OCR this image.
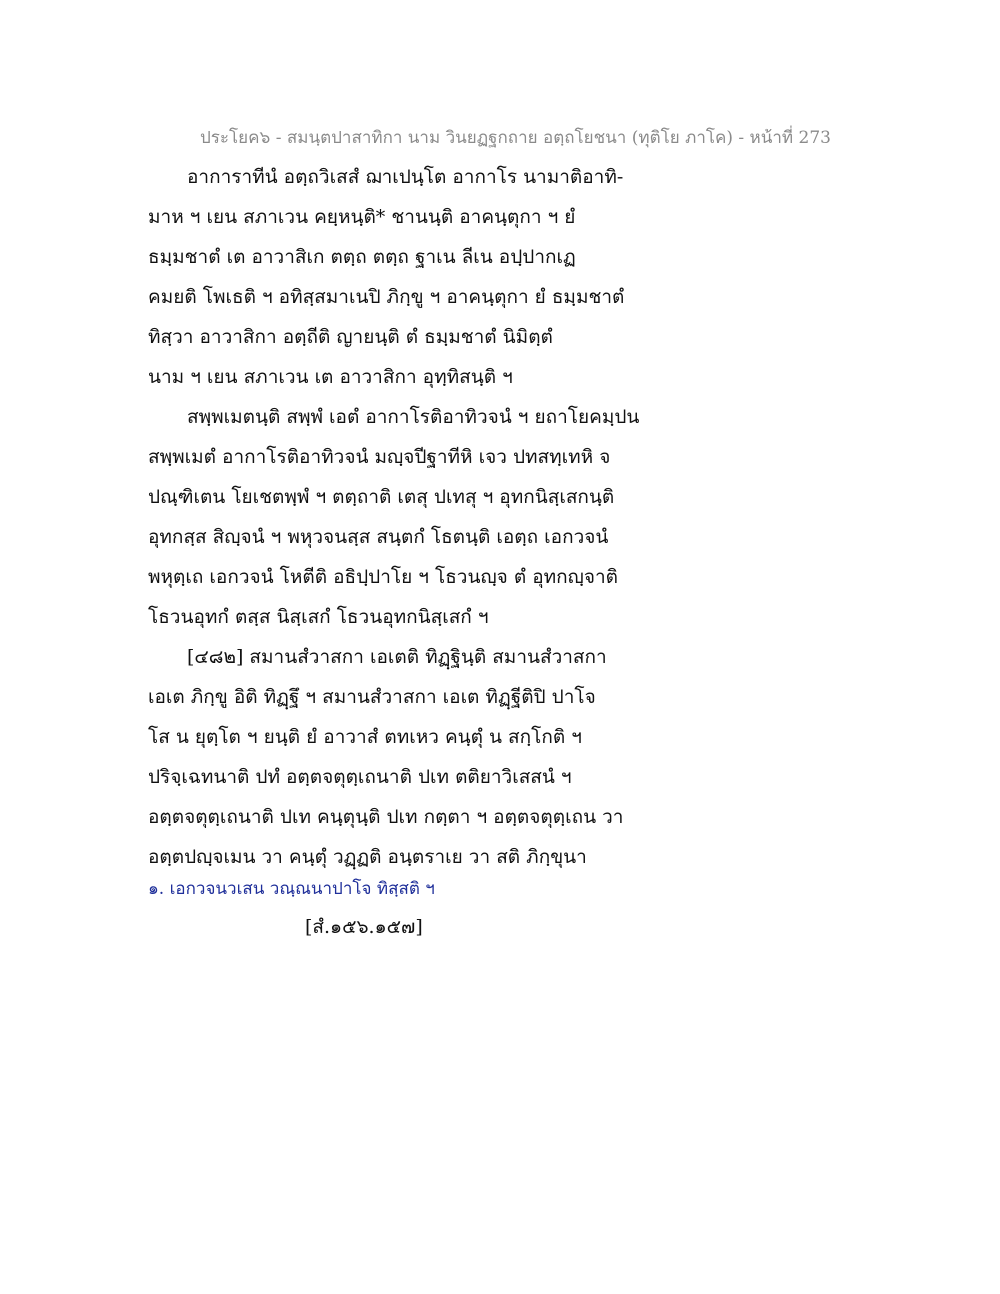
ประโยค๖ - สมนฺตปาสาทิกา นาม วินยฏฐกถาย อตฺถโยชนา (ทุติโย ภาโค) - หน้าที่ 273
อาการาทีนํ อตฺถวิเสสํ ฌาเปนฺโต อากาโร นามาติอาทิ-
มาห ฯ เยน สภาเวน คยฺหนฺติ* ชานนฺติ อาคนฺตุกา ฯ ยํ
ธมฺมชาตํ เต อาวาสิเก ตตฺถ ตตฺถ ฐาเน ลีเน อปฺปากเฏ
คมยติ โพเธติ ฯ อทิสฺสมาเนปิ ภิกฺขู ฯ อาคนฺตุกา ยํ ธมฺมชาตํ
ทิสฺวา อาวาสิกา อตฺถีติ ญายนฺติ ตํ ธมฺมชาตํ นิมิตฺตํ
นาม ฯ เยน สภาเวน เต อาวาสิกา อุทฺทิสนฺติ ฯ
สพฺพเมตนฺติ สพฺพํ เอตํ อากาโรติอาทิวจนํ ฯ ยถาโยคมฺปน
สพฺพเมตํ อากาโรติอาทิวจนํ มญฺจปีฐาทีหิ เจว ปทสทฺเทหิ จ
ปณฺฑิเตน โยเชตพฺพํ ฯ ตตฺถาติ เตสุ ปเทสุ ฯ อุทกนิสฺเสกนฺติ
อุทกสฺส สิญฺจนํ ฯ พหุวจนสฺส สนฺตกํ โธตนฺติ เอตฺถ เอกวจนํ
พหุตฺเถ เอกวจนํ โหตีติ อธิปฺปาโย ฯ โธวนญฺจ ตํ อุทกญฺจาติ
โธวนอุทกํ ตสฺส นิสฺเสกํ โธวนอุทกนิสฺเสกํ ฯ
[๔๘๒] สมานสํวาสกา เอเตติ ทิฏฺฐินฺติ สมานสํวาสกา
เอเต ภิกฺขู อิติ ทิฏฺฐึ ฯ สมานสํวาสกา เอเต ทิฏฺฐีติปิ ปาโจ
โส น ยุตฺโต ฯ ยนฺติ ยํ อาวาสํ ตทเหว คนฺตุํ น สกฺโกติ ฯ
ปริจฺเฉทนาติ ปทํ อตฺตจตุตฺเถนาติ ปเท ตติยาวิเสสนํ ฯ
อตฺตจตุตฺเถนาติ ปเท คนฺตุนฺติ ปเท กตฺตา ฯ อตฺตจตุตฺเถน วา
อตฺตปญฺจเมน วา คนฺตุํ วฏฺฏติ อนฺตราเย วา สติ ภิกฺขุนา
๑. เอกวจนวเสน วณฺณนาปาโจ ทิสฺสติ ฯ
[สํ.๑๕๖.๑๕๗]
